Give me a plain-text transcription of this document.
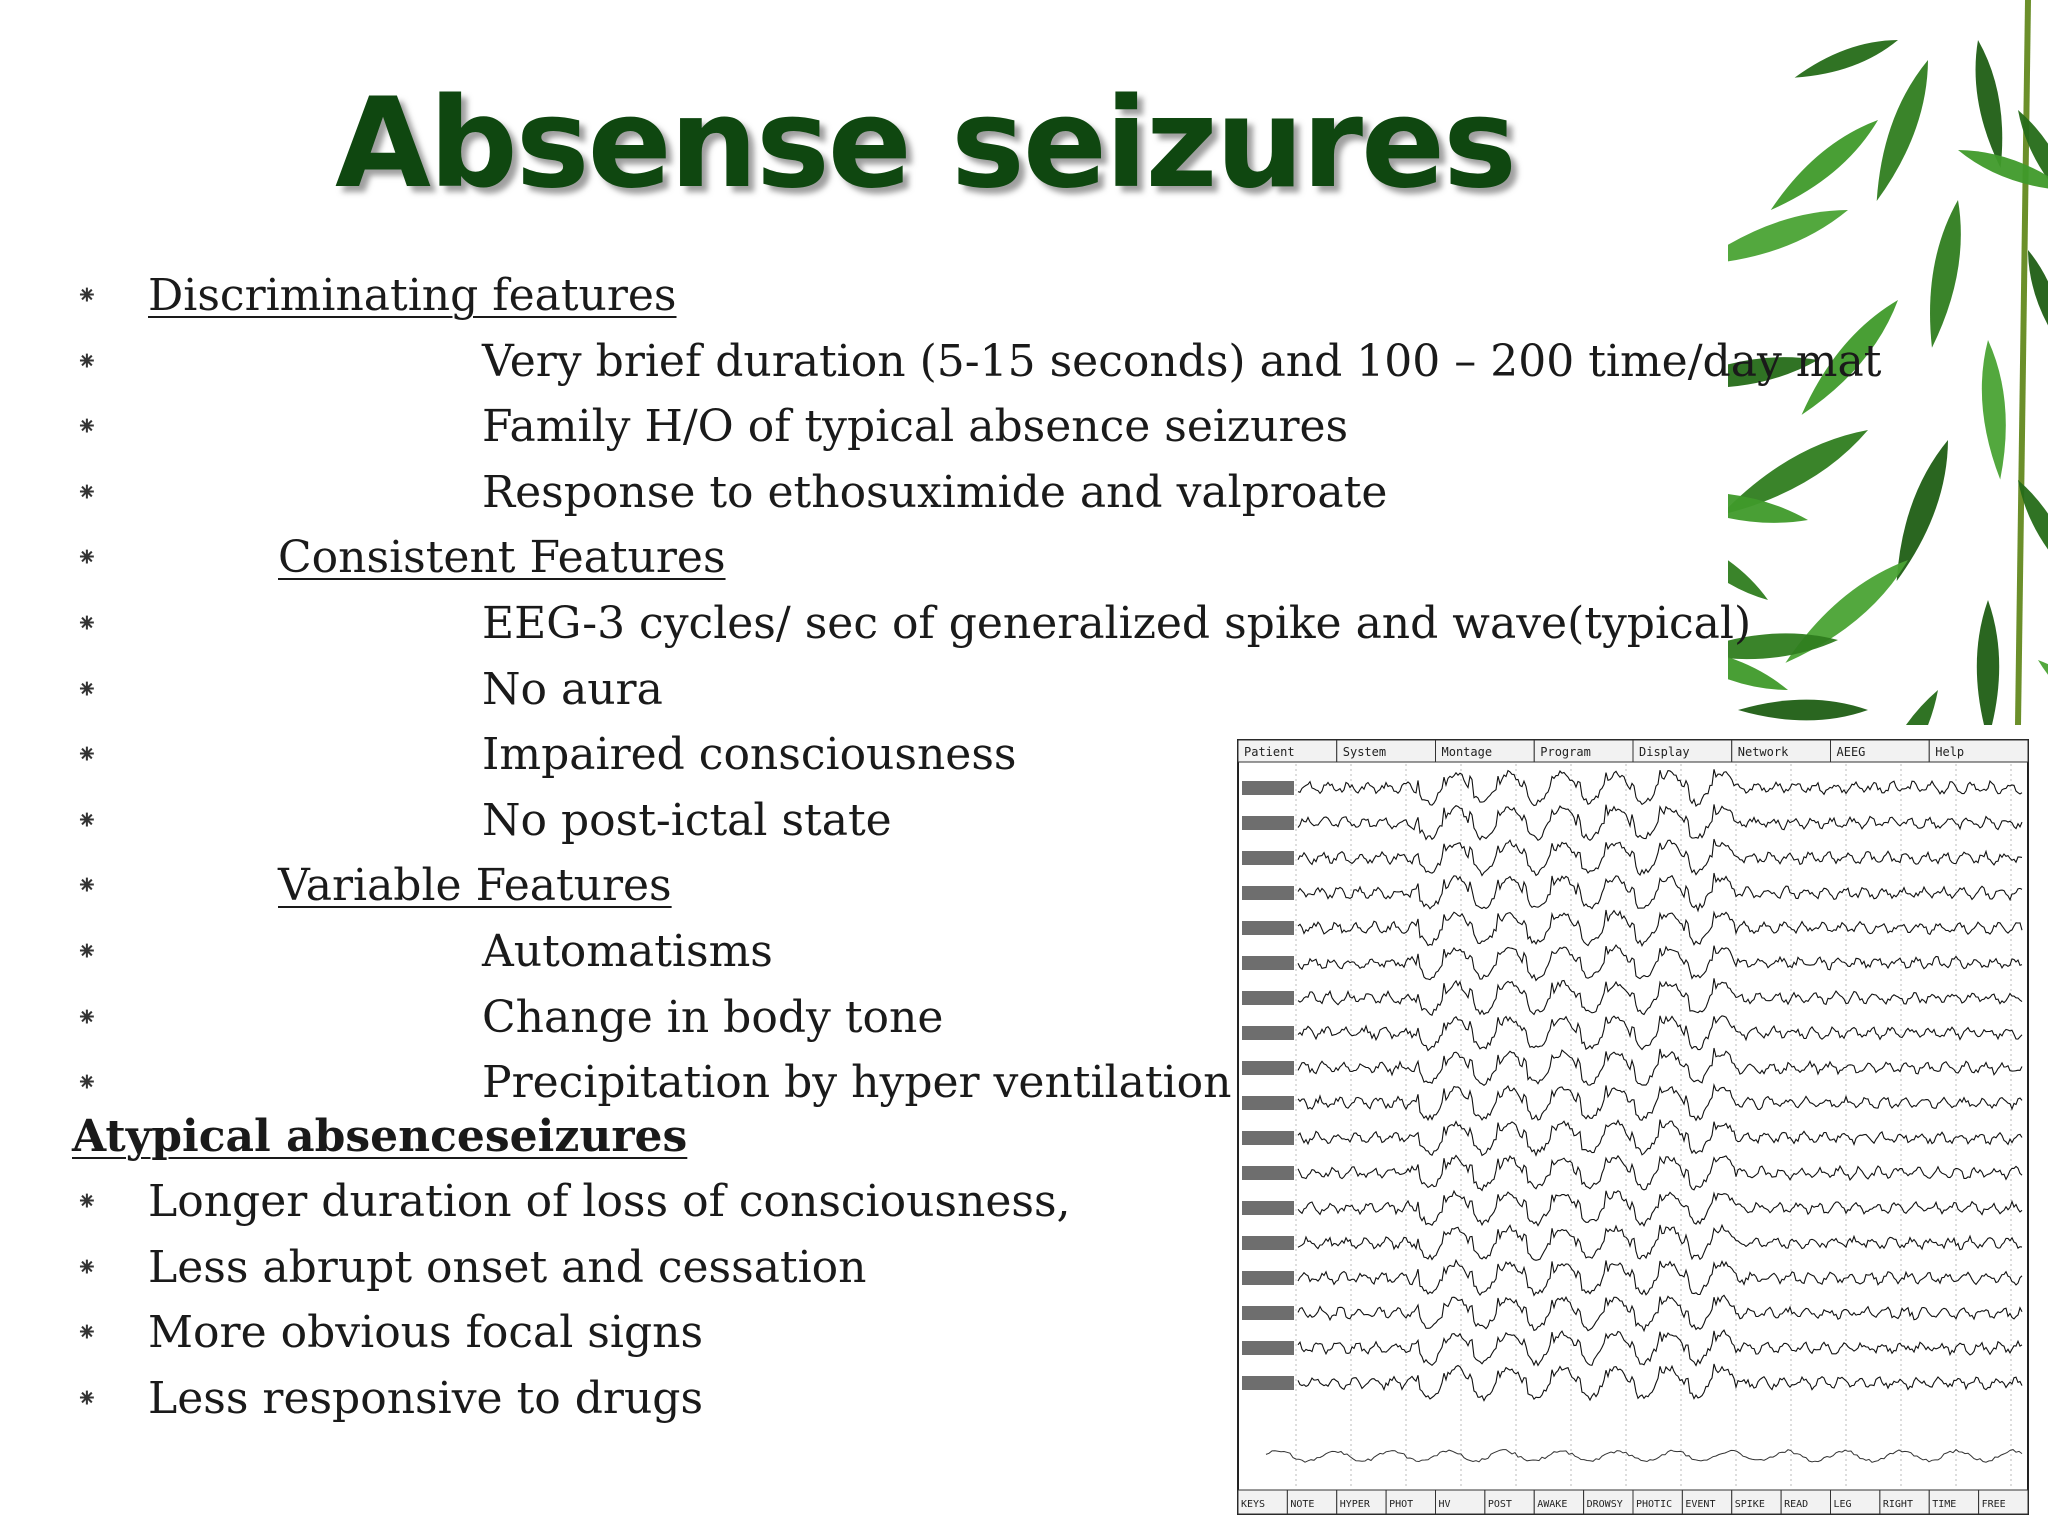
Absense seizures
⁕ Discriminating features
⁕	Very brief duration (5-15 seconds) and 100 – 200 time/day mat
⁕	Family H/O of typical absence seizures
⁕	Response to ethosuximide and valproate
⁕	Consistent Features
⁕	EEG-3 cycles/ sec of generalized spike and wave(typical)
⁕	No aura
⁕	Impaired consciousness
⁕	No post-ictal state
⁕	Variable Features
⁕	Automatisms
⁕	Change in body tone
⁕	Precipitation by hyper ventilation
Atypical absenceseizures
⁕ Longer duration of loss of consciousness,
⁕ Less abrupt onset and cessation
⁕ More obvious focal signs
⁕ Less responsive to drugs
Patient	System	Montage	Program	Display	Network	AEEG	Help
KEYS	NOTE	HYPER PHOT	HV	POST	AWAKE DROWSY PHOTIC EVENT SPIKE READ	LEG	RIGHT TIME	FREE
